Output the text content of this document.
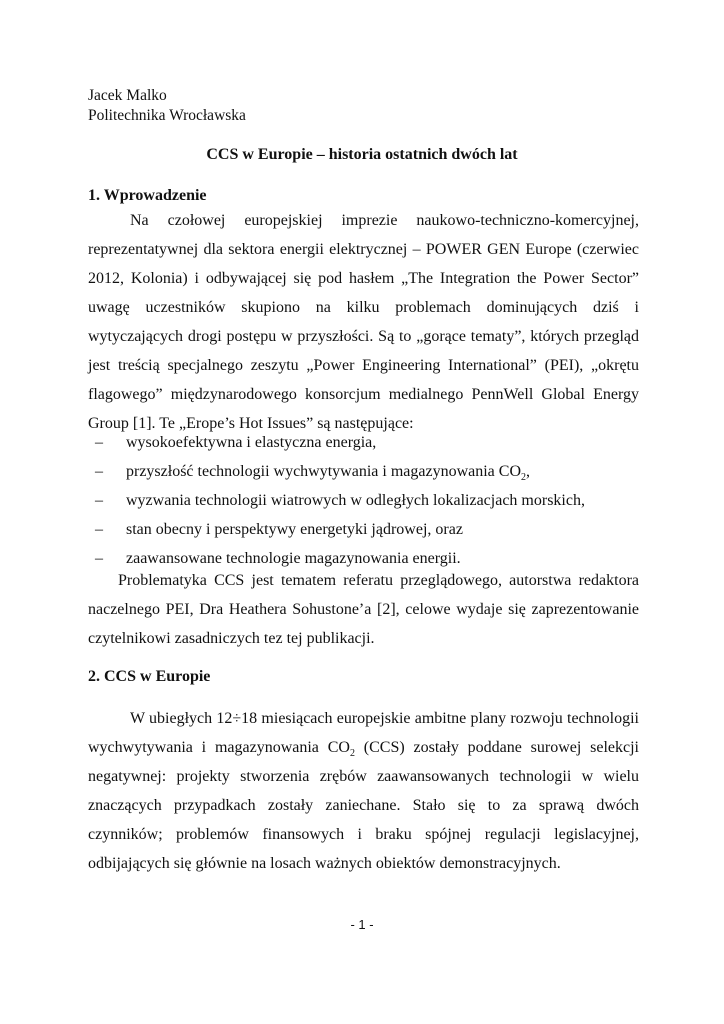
Jacek Malko
Politechnika Wrocławska
CCS w Europie – historia ostatnich dwóch lat
1. Wprowadzenie

Na czołowej europejskiej imprezie naukowo-techniczno-komercyjnej, reprezentatywnej dla sektora energii elektrycznej – POWER GEN Europe (czerwiec 2012, Kolonia) i odbywającej się pod hasłem „The Integration the Power Sector” uwagę uczestników skupiono na kilku problemach dominujących dziś i wytyczających drogi postępu w przyszłości. Są to „gorące tematy”, których przegląd jest treścią specjalnego zeszytu „Power Engineering International” (PEI), „okrętu flagowego” międzynarodowego konsorcjum medialnego PennWell Global Energy Group [1]. Te „Erope’s Hot Issues” są następujące:

– wysokoefektywna i elastyczna energia,
– przyszłość technologii wychwytywania i magazynowania $CO_2$,
– wyzwania technologii wiatrowych w odległych lokalizacjach morskich,
– stan obecny i perspektywy energetyki jądrowej, oraz
– zaawansowane technologie magazynowania energii.

Problematyka CCS jest tematem referatu przeglądowego, autorstwa redaktora naczelnego PEI, Dra Heathera Sohustone’a [2], celowe wydaje się zaprezentowanie czytelnikowi zasadniczych tez tej publikacji.

2. CCS w Europie

W ubiegłych 12÷18 miesiącach europejskie ambitne plany rozwoju technologii wychwytywania i magazynowania $CO_2$ (CCS) zostały poddane surowej selekcji negatywnej: projekty stworzenia zrębów zaawansowanych technologii w wielu znaczących przypadkach zostały zaniechane. Stało się to za sprawą dwóch czynników; problemów finansowych i braku spójnej regulacji legislacyjnej, odbijających się głównie na losach ważnych obiektów demonstracyjnych.

- 1 -
